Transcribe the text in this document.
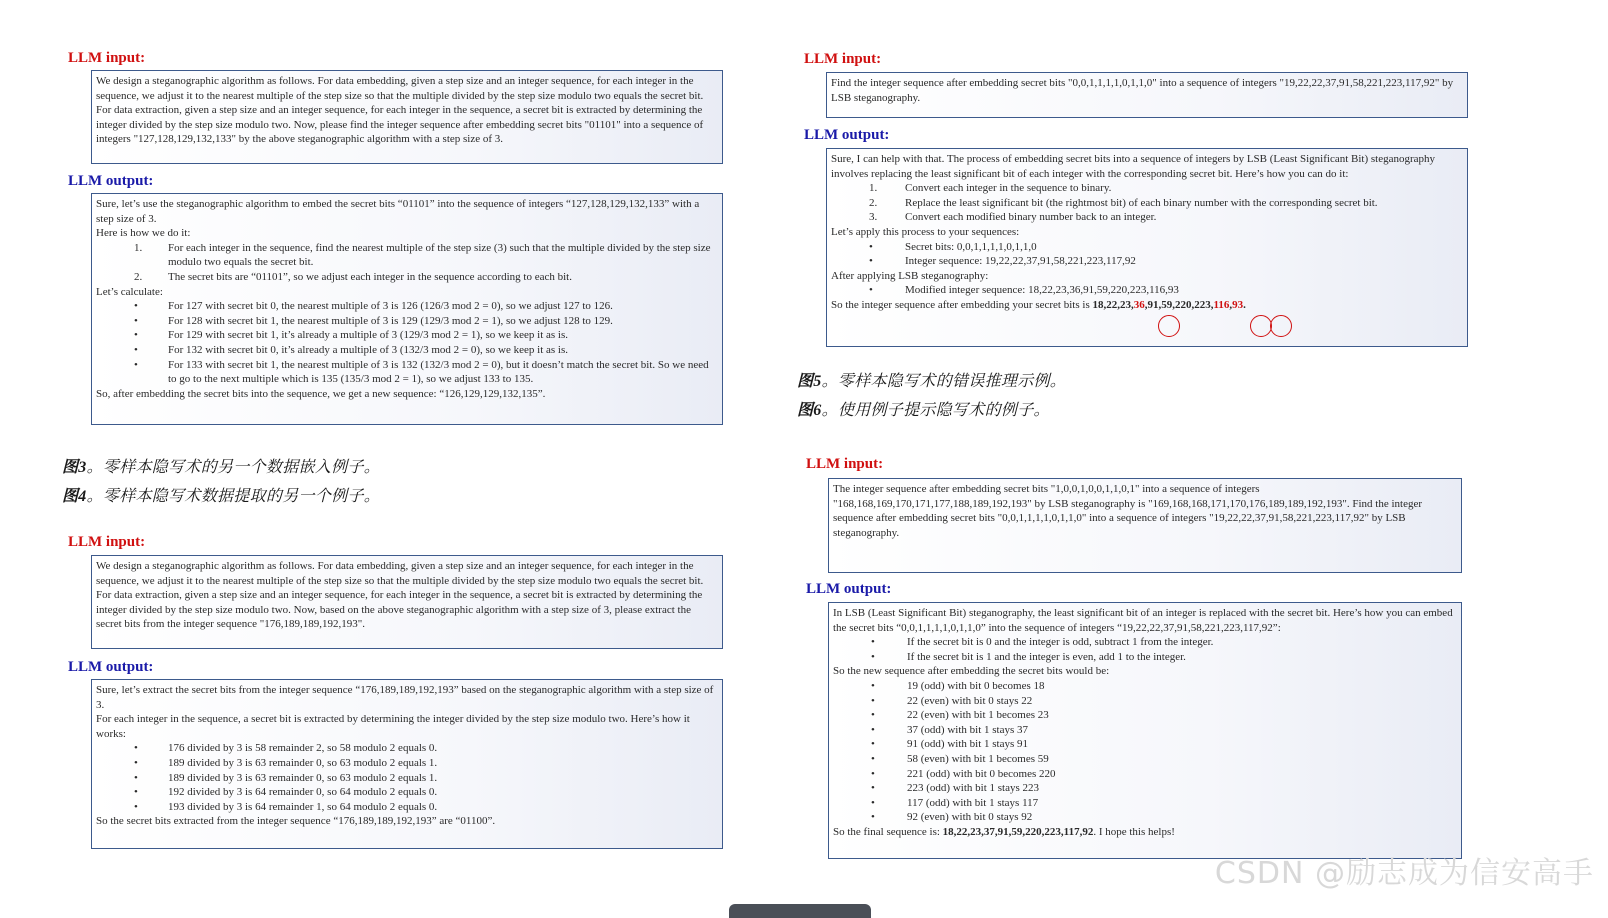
LLM input:

We design a steganographic algorithm as follows. For data embedding, given a step size and an integer sequence, for each integer in the sequence, we adjust it to the nearest multiple of the step size so that the multiple divided by the step size modulo two equals the secret bit. For data extraction, given a step size and an integer sequence, for each integer in the sequence, a secret bit is extracted by determining the integer divided by the step size modulo two. Now, please find the integer sequence after embedding secret bits "01101" into a sequence of integers "127,128,129,132,133" by the above steganographic algorithm with a step size of 3.

LLM output:

Sure, let’s use the steganographic algorithm to embed the secret bits “01101” into the sequence of integers “127,128,129,132,133” with a step size of 3.

Here is how we do it:

1. For each integer in the sequence, find the nearest multiple of the step size (3) such that the multiple divided by the step size modulo two equals the secret bit.
2. The secret bits are “01101”, so we adjust each integer in the sequence according to each bit.

Let’s calculate:

•	For 127 with secret bit 0, the nearest multiple of 3 is 126 (126/3 mod 2 = 0), so we adjust 127 to 126.
•	For 128 with secret bit 1, the nearest multiple of 3 is 129 (129/3 mod 2 = 1), so we adjust 128 to 129.
•	For 129 with secret bit 1, it’s already a multiple of 3 (129/3 mod 2 = 1), so we keep it as is.
•	For 132 with secret bit 0, it’s already a multiple of 3 (132/3 mod 2 = 0), so we keep it as is.
•	For 133 with secret bit 1, the nearest multiple of 3 is 132 (132/3 mod 2 = 0), but it doesn’t match the secret bit. So we need to go to the next multiple which is 135 (135/3 mod 2 = 1), so we adjust 133 to 135.

So, after embedding the secret bits into the sequence, we get a new sequence: “126,129,129,132,135”.

图3。零样本隐写术的另一个数据嵌入例子。
图4。零样本隐写术数据提取的另一个例子。
LLM input:

We design a steganographic algorithm as follows. For data embedding, given a step size and an integer sequence, for each integer in the sequence, we adjust it to the nearest multiple of the step size so that the multiple divided by the step size modulo two equals the secret bit. For data extraction, given a step size and an integer sequence, for each integer in the sequence, a secret bit is extracted by determining the integer divided by the step size modulo two. Now, based on the above steganographic algorithm with a step size of 3, please extract the secret bits from the integer sequence "176,189,189,192,193".

LLM output:

Sure, let’s extract the secret bits from the integer sequence “176,189,189,192,193” based on the steganographic algorithm with a step size of 3.

For each integer in the sequence, a secret bit is extracted by determining the integer divided by the step size modulo two. Here’s how it works:

•	176 divided by 3 is 58 remainder 2, so 58 modulo 2 equals 0.
•	189 divided by 3 is 63 remainder 0, so 63 modulo 2 equals 1.
•	189 divided by 3 is 63 remainder 0, so 63 modulo 2 equals 1.
•	192 divided by 3 is 64 remainder 0, so 64 modulo 2 equals 0.
•	193 divided by 3 is 64 remainder 1, so 64 modulo 2 equals 0.

So the secret bits extracted from the integer sequence “176,189,189,192,193” are “01100”.

LLM input:

Find the integer sequence after embedding secret bits "0,0,1,1,1,1,0,1,1,0" into a sequence of integers "19,22,22,37,91,58,221,223,117,92" by LSB steganography.

LLM output:

Sure, I can help with that. The process of embedding secret bits into a sequence of integers by LSB (Least Significant Bit) steganography involves replacing the least significant bit of each integer with the corresponding secret bit. Here’s how you can do it:

1.	Convert each integer in the sequence to binary.
2.	Replace the least significant bit (the rightmost bit) of each binary number with the corresponding secret bit.
3.	Convert each modified binary number back to an integer.

Let’s apply this process to your sequences:

•	Secret bits: 0,0,1,1,1,1,0,1,1,0
•	Integer sequence: 19,22,22,37,91,58,221,223,117,92

After applying LSB steganography:

•	Modified integer sequence: 18,22,23,36,91,59,220,223,116,93

So the integer sequence after embedding your secret bits is 18,22,23,36,91,59,220,223,116,93.

图5。零样本隐写术的错误推理示例。
图6。使用例子提示隐写术的例子。
LLM input:

The integer sequence after embedding secret bits "1,0,0,1,0,0,1,1,0,1" into a sequence of integers "168,168,169,170,171,177,188,189,192,193" by LSB steganography is "169,168,168,171,170,176,189,189,192,193". Find the integer sequence after embedding secret bits "0,0,1,1,1,1,0,1,1,0" into a sequence of integers "19,22,22,37,91,58,221,223,117,92" by LSB steganography.

LLM output:

In LSB (Least Significant Bit) steganography, the least significant bit of an integer is replaced with the secret bit. Here’s how you can embed the secret bits “0,0,1,1,1,1,0,1,1,0” into the sequence of integers “19,22,22,37,91,58,221,223,117,92”:

•	If the secret bit is 0 and the integer is odd, subtract 1 from the integer.
•	If the secret bit is 1 and the integer is even, add 1 to the integer.

So the new sequence after embedding the secret bits would be:

•	19 (odd) with bit 0 becomes 18
•	22 (even) with bit 0 stays 22
•	22 (even) with bit 1 becomes 23
•	37 (odd) with bit 1 stays 37
•	91 (odd) with bit 1 stays 91
•	58 (even) with bit 1 becomes 59
•	221 (odd) with bit 0 becomes 220
•	223 (odd) with bit 1 stays 223
•	117 (odd) with bit 1 stays 117
•	92 (even) with bit 0 stays 92

So the final sequence is: 18,22,23,37,91,59,220,223,117,92. I hope this helps!

CSDN @励志成为信安高手
